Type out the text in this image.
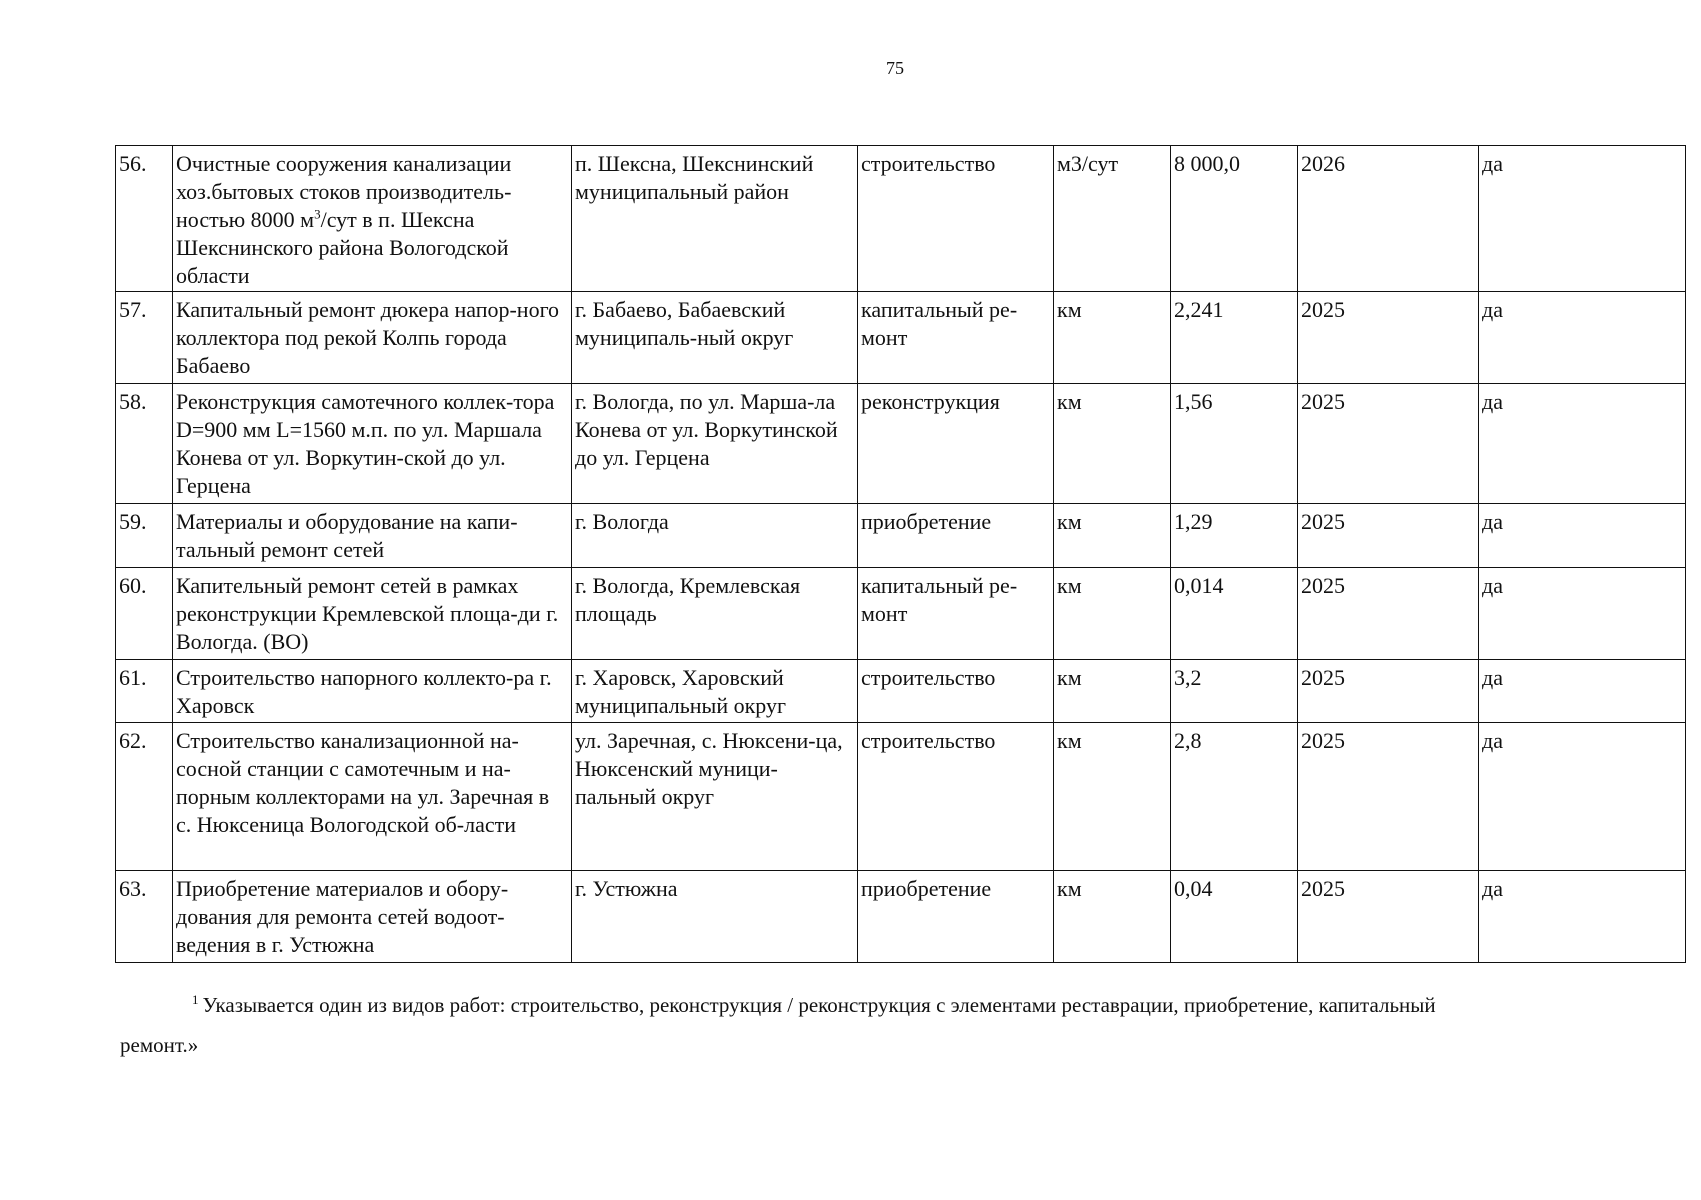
75
56.	Очистные сооружения канализации хоз.бытовых стоков производитель-ностью 8000 $м^3$/сут в п. Шексна Шекснинского района Вологодской области	п. Шексна, Шекснинский муниципальный район	строительство	м3/сут	8 000,0	2026	да
57.	Капитальный ремонт дюкера напор-ного коллектора под рекой Колпь города Бабаево	г. Бабаево, Бабаевский муниципаль-ный округ	капитальный ре-монт	км	2,241	2025	да
58.	Реконструкция самотечного коллек-тора D=900 мм L=1560 м.п. по ул. Маршала Конева от ул. Воркутин-ской до ул. Герцена	г. Вологда, по ул. Марша-ла Конева от ул. Воркутинской до ул. Герцена	реконструкция	км	1,56	2025	да
59.	Материалы и оборудование на капи-тальный ремонт сетей	г. Вологда	приобретение	км	1,29	2025	да
60.	Капительный ремонт сетей в рамках реконструкции Кремлевской площа-ди г. Вологда. (ВО)	г. Вологда, Кремлевская площадь	капитальный ре-монт	км	0,014	2025	да
61.	Строительство напорного коллекто-ра г. Харовск	г. Харовск, Харовский муниципальный округ	строительство	км	3,2	2025	да
62.	Строительство канализационной на-сосной станции с самотечным и на-порным коллекторами на ул. Заречная в с. Нюксеница Вологодской об-ласти	ул. Заречная, с. Нюксени-ца, Нюксенский муници-пальный округ	строительство	км	2,8	2025	да
63.	Приобретение материалов и обору-дования для ремонта сетей водоот-ведения в г. Устюжна	г. Устюжна	приобретение	км	0,04	2025	да
$^1$ Указывается один из видов работ: строительство, реконструкция / реконструкция с элементами реставрации, приобретение, капитальный
ремонт.»
